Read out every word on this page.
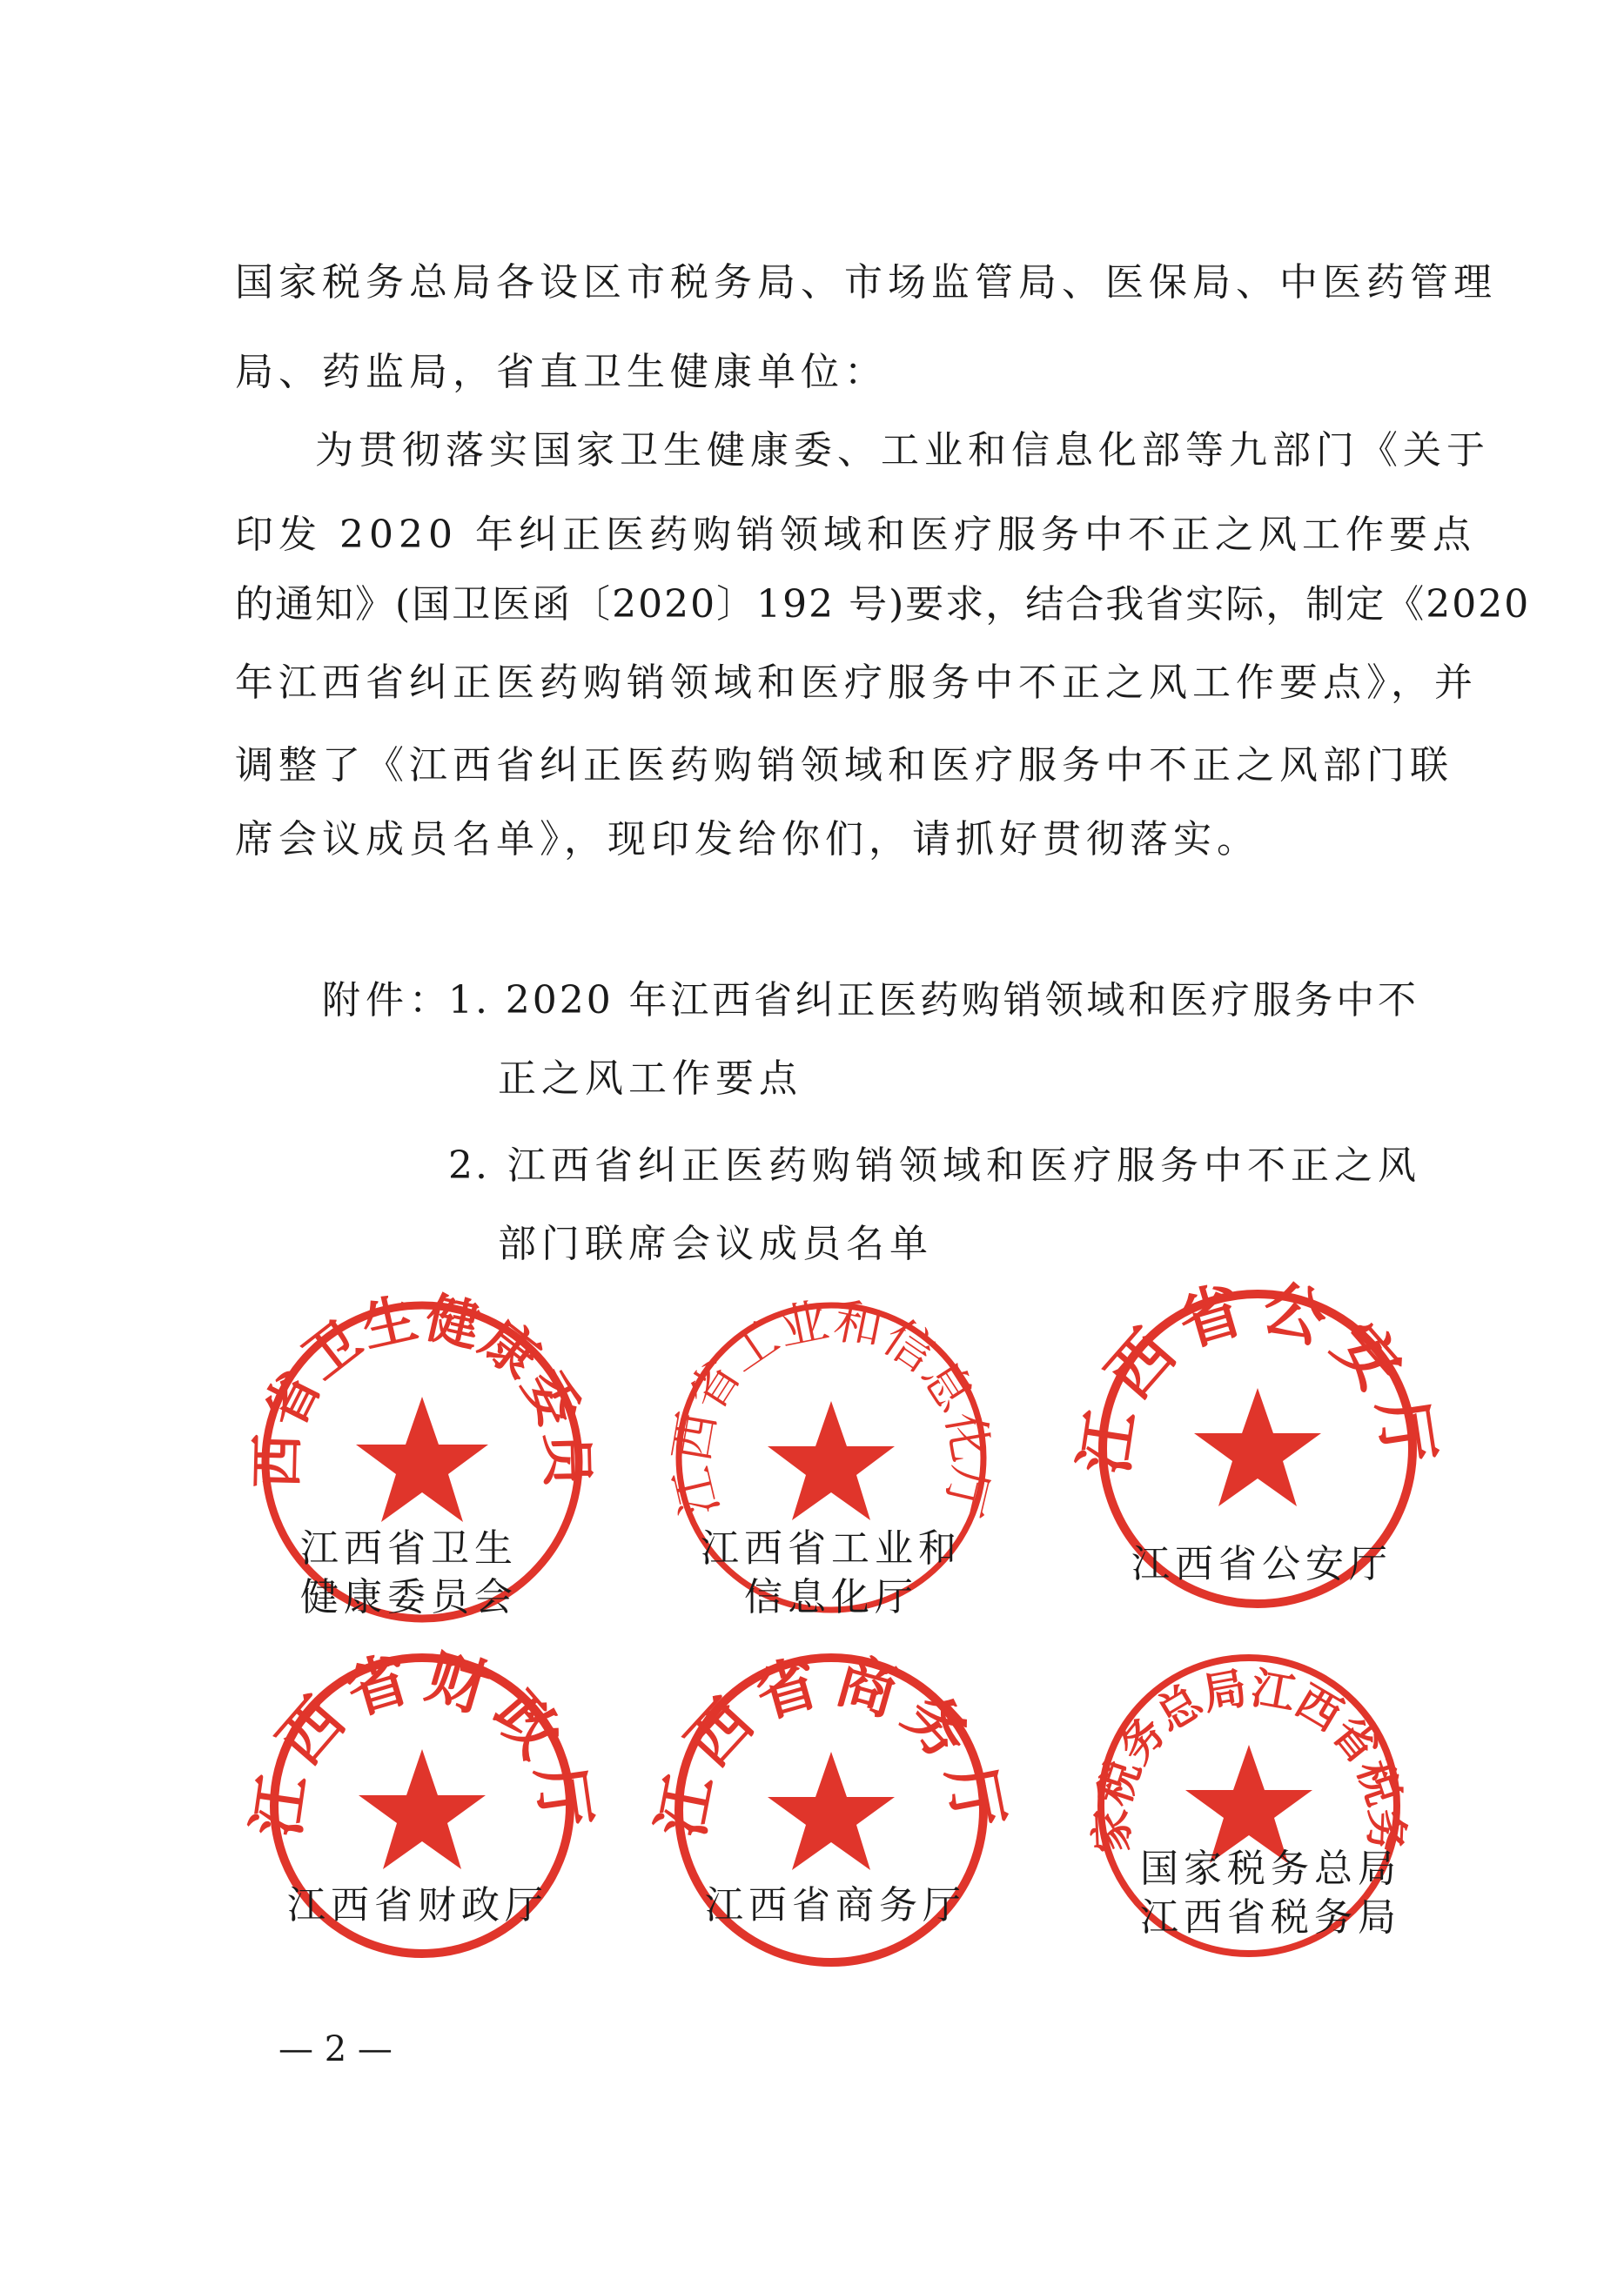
国家税务总局各设区市税务局、市场监管局、医保局、中医药管理
局、药监局，省直卫生健康单位：
为贯彻落实国家卫生健康委、工业和信息化部等九部门《关于
印发 2020 年纠正医药购销领域和医疗服务中不正之风工作要点
的通知》(国卫医函〔2020〕192 号)要求，结合我省实际，制定《2020
年江西省纠正医药购销领域和医疗服务中不正之风工作要点》，并
调整了《江西省纠正医药购销领域和医疗服务中不正之风部门联
席会议成员名单》，现印发给你们，请抓好贯彻落实。
附件：
1. 2020 年江西省纠正医药购销领域和医疗服务中不
正之风工作要点
2. 江西省纠正医药购销领域和医疗服务中不正之风
部门联席会议成员名单
江西省卫生健康委员会
江西省工业和信息化厅
江西省公安厅
江西省卫生
健康委员会
江西省工业和
信息化厅
江西省公安厅
江西省财政厅 江西省商务厅
国家税务总局江西省税务局
江西省财政厅	江西省商务厅
国家税务总局
江西省税务局
— 2 —
